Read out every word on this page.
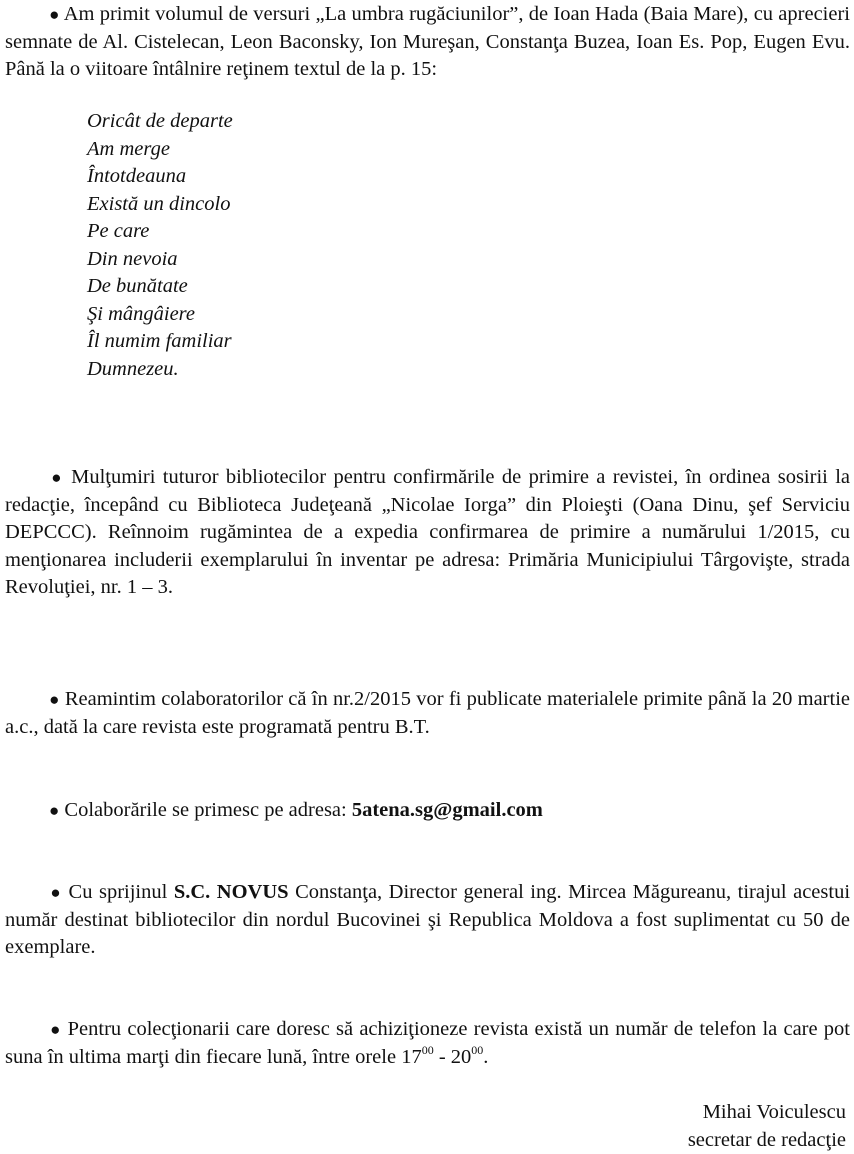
● Am primit volumul de versuri „La umbra rugăciunilor”, de Ioan Hada (Baia Mare), cu aprecieri semnate de Al. Cistelecan, Leon Baconsky, Ion Mureşan, Constanţa Buzea, Ioan Es. Pop, Eugen Evu. Până la o viitoare întâlnire reţinem textul de la p. 15:

Oricât de departe
Am merge
Întotdeauna
Există un dincolo
Pe care
Din nevoia
De bunătate
Şi mângâiere
Îl numim familiar
Dumnezeu.

● Mulţumiri tuturor bibliotecilor pentru confirmările de primire a revistei, în ordinea sosirii la redacţie, începând cu Biblioteca Judeţeană „Nicolae Iorga” din Ploieşti (Oana Dinu, şef Serviciu DEPCCC). Reînnoim rugămintea de a expedia confirmarea de primire a numărului 1/2015, cu menţionarea includerii exemplarului în inventar pe adresa: Primăria Municipiului Târgovişte, strada Revoluţiei, nr. 1 – 3.

● Reamintim colaboratorilor că în nr.2/2015 vor fi publicate materialele primite până la 20 martie a.c., dată la care revista este programată pentru B.T.

● Colaborările se primesc pe adresa: 5atena.sg@gmail.com

● Cu sprijinul S.C. NOVUS Constanţa, Director general ing. Mircea Măgureanu, tirajul acestui număr destinat bibliotecilor din nordul Bucovinei şi Republica Moldova a fost suplimentat cu 50 de exemplare.

● Pentru colecţionarii care doresc să achiziţioneze revista există un număr de telefon la care pot suna în ultima marţi din fiecare lună, între orele $17^{00} - 20^{00}$.

Mihai Voiculescu
secretar de redacţie
